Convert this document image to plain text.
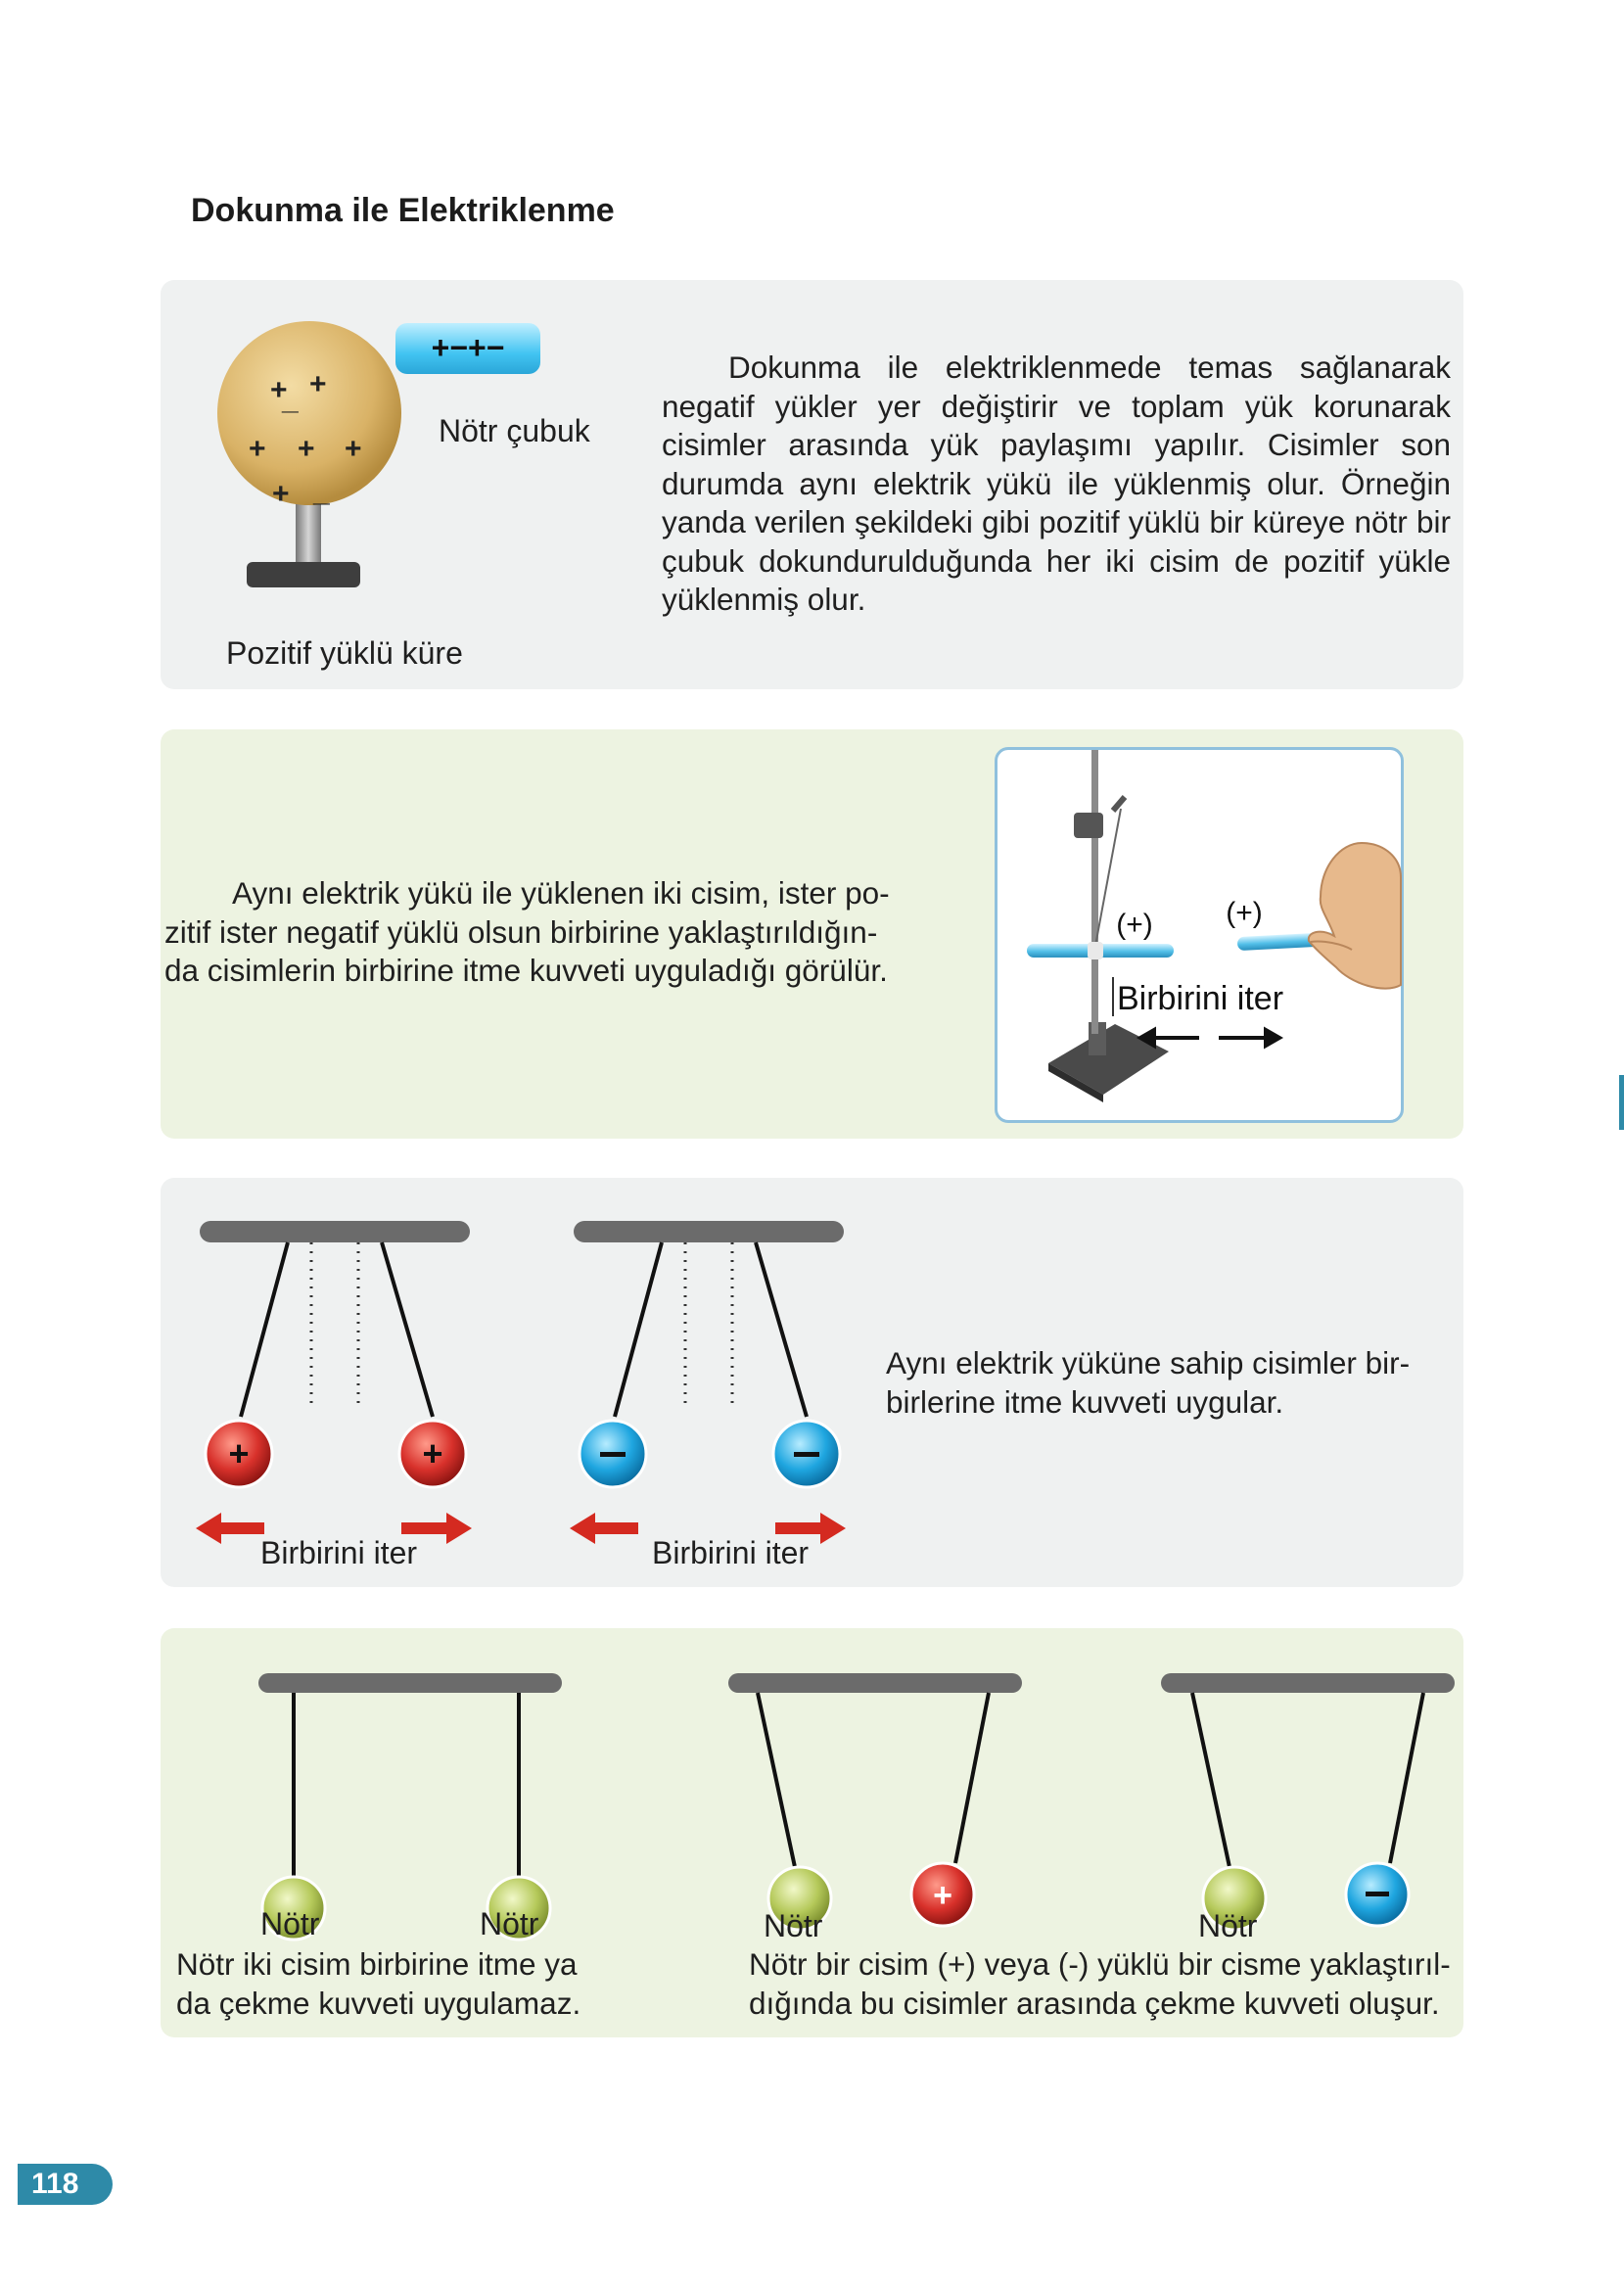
Dokunma ile Elektriklenme
+ +
_
+ + +
+ _
+−+−
Nötr çubuk
Pozitif yüklü küre
Dokunma ile elektriklenmede temas sağlanarak negatif yükler yer değiştirir ve toplam yük korunarak cisimler arasında yük paylaşımı yapılır. Cisimler son durumda aynı elektrik yükü ile yüklenmiş olur. Örneğin yanda verilen şekildeki gibi pozitif yüklü bir küreye nötr bir çubuk dokundurulduğunda her iki cisim de pozitif yükle yüklenmiş olur.
Aynı elektrik yükü ile yüklenen iki cisim, ister po-
zitif ister negatif yüklü olsun birbirine yaklaştırıldığın-
da cisimlerin birbirine itme kuvveti uyguladığı görülür.
(+) (+)
Birbirini iter
+	+
Birbirini iter	Birbirini iter
Aynı elektrik yüküne sahip cisimler bir-
birlerine itme kuvveti uygular.
+
Nötr	Nötr	Nötr	Nötr
Nötr iki cisim birbirine itme ya
da çekme kuvveti uygulamaz.
Nötr bir cisim (+) veya (-) yüklü bir cisme yaklaştırıl-
dığında bu cisimler arasında çekme kuvveti oluşur.
118
